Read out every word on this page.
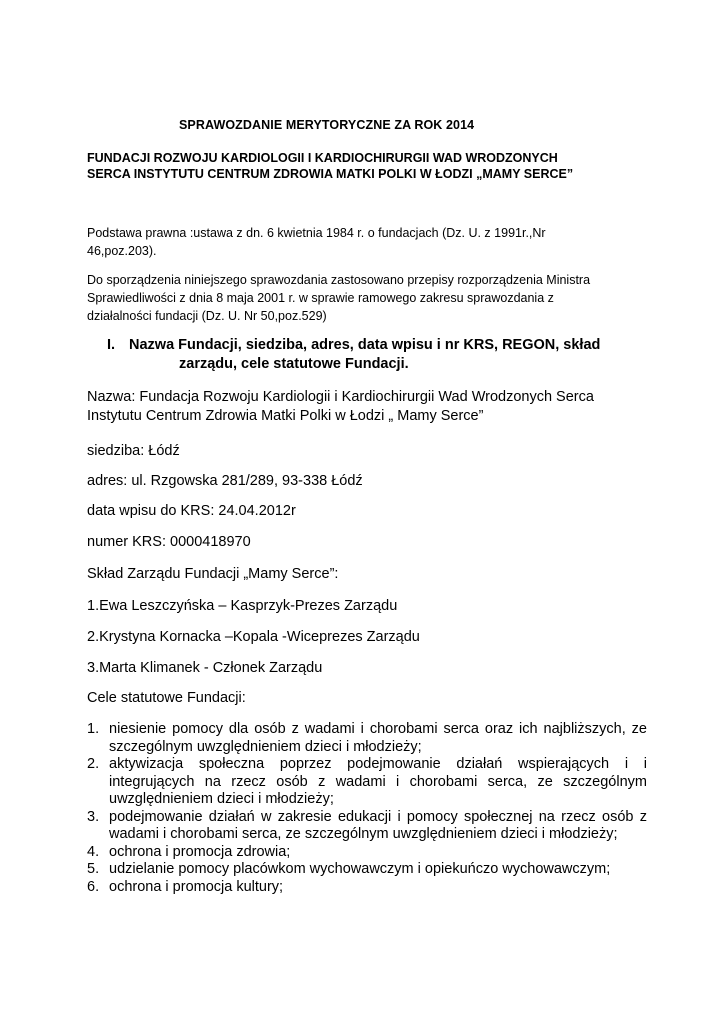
SPRAWOZDANIE MERYTORYCZNE ZA ROK 2014
FUNDACJI ROZWOJU KARDIOLOGII I KARDIOCHIRURGII WAD WRODZONYCH
SERCA INSTYTUTU CENTRUM ZDROWIA MATKI POLKI W ŁODZI „MAMY SERCE”
Podstawa prawna :ustawa z dn. 6 kwietnia 1984 r. o fundacjach (Dz. U. z 1991r.,Nr
46,poz.203).
Do sporządzenia niniejszego sprawozdania zastosowano przepisy rozporządzenia Ministra
Sprawiedliwości z dnia 8 maja 2001 r. w sprawie ramowego zakresu sprawozdania z
działalności fundacji (Dz. U. Nr 50,poz.529)
I. Nazwa Fundacji, siedziba, adres, data wpisu i nr KRS, REGON, skład
zarządu, cele statutowe Fundacji.
Nazwa: Fundacja Rozwoju Kardiologii i Kardiochirurgii Wad Wrodzonych Serca
Instytutu Centrum Zdrowia Matki Polki w Łodzi „ Mamy Serce”
siedziba: Łódź
adres: ul. Rzgowska 281/289, 93-338 Łódź
data wpisu do KRS: 24.04.2012r
numer KRS: 0000418970
Skład Zarządu Fundacji „Mamy Serce”:
1.Ewa Leszczyńska – Kasprzyk-Prezes Zarządu
2.Krystyna Kornacka –Kopala -Wiceprezes Zarządu
3.Marta Klimanek - Członek Zarządu
Cele statutowe Fundacji:
1. niesienie pomocy dla osób z wadami i chorobami serca oraz ich najbliższych, ze szczególnym uwzględnieniem dzieci i młodzieży;
2. aktywizacja społeczna poprzez podejmowanie działań wspierających i i integrujących na rzecz osób z wadami i chorobami serca, ze szczególnym uwzględnieniem dzieci i młodzieży;
3. podejmowanie działań w zakresie edukacji i pomocy społecznej na rzecz osób z wadami i chorobami serca, ze szczególnym uwzględnieniem dzieci i młodzieży;
4. ochrona i promocja zdrowia;
5. udzielanie pomocy placówkom wychowawczym i opiekuńczo wychowawczym;
6. ochrona i promocja kultury;
